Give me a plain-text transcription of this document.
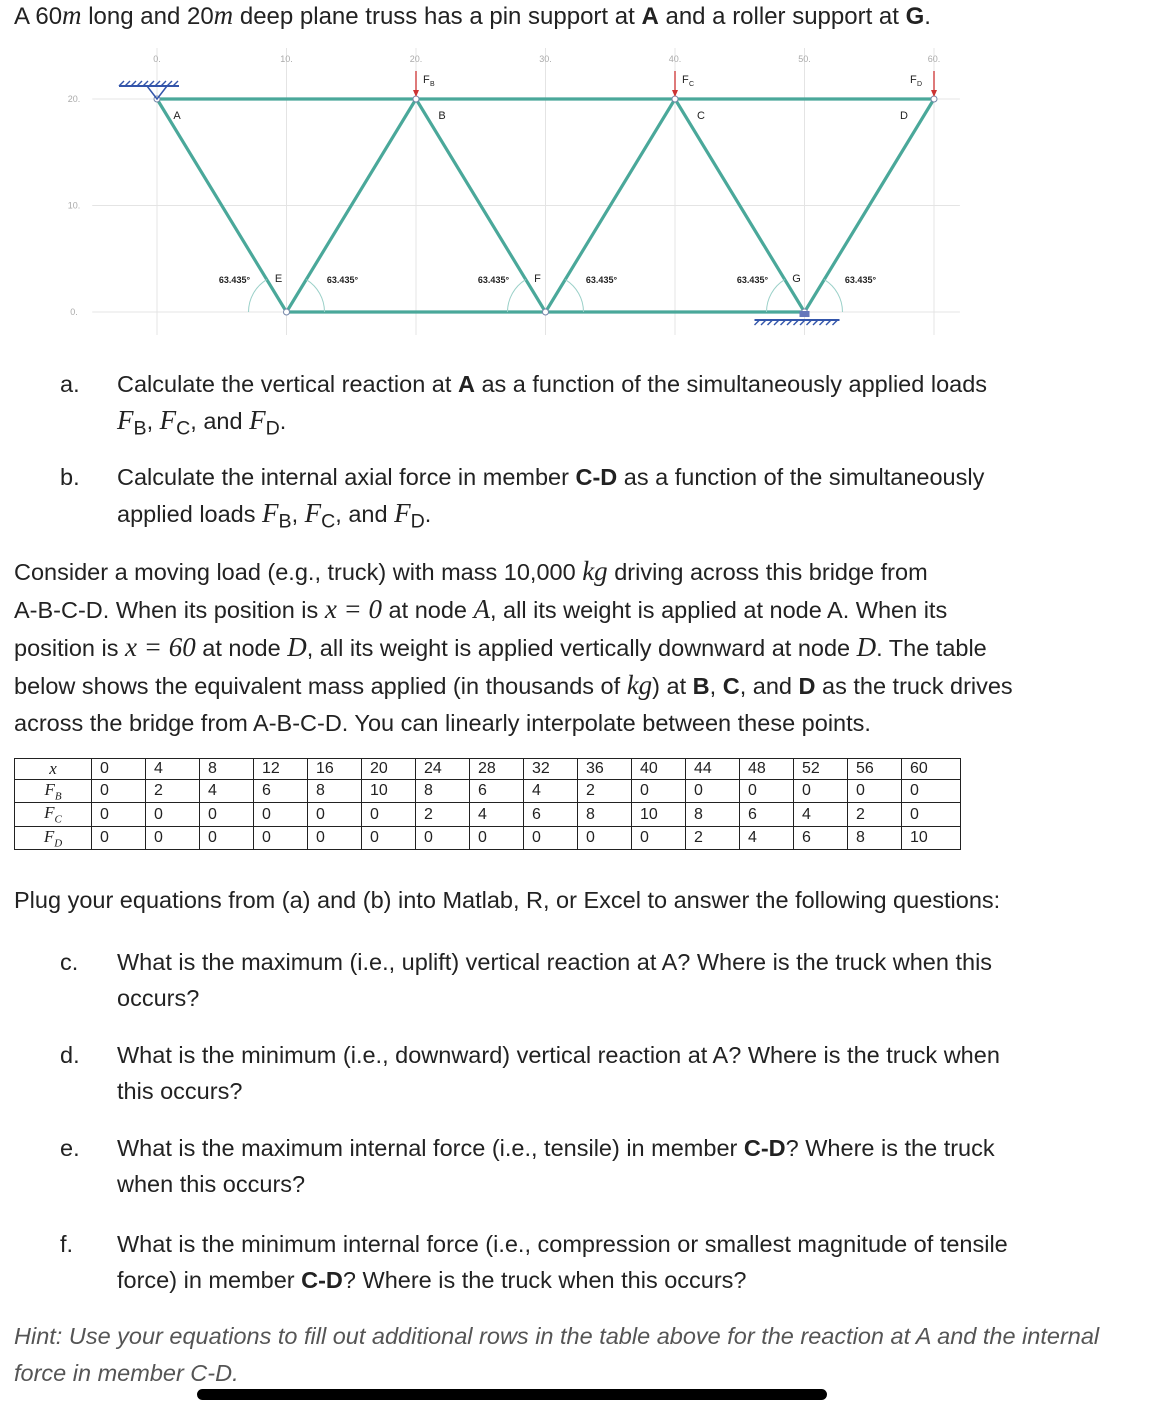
A 60m long and 20m deep plane truss has a pin support at A and a roller support at G.
0.	10.	20.	30.	40.	50.	60.
20.
10.
0.
63.435°	63.435°	63.435°	63.435°	63.435°	63.435°
F B	F C	F D
A	B	C	D
E	F	G
a. Calculate the vertical reaction at A as a function of the simultaneously applied loads
$F_B$, $F_C$, and $F_D$.
b. Calculate the internal axial force in member C-D as a function of the simultaneously
applied loads $F_B$, $F_C$, and $F_D$.
Consider a moving load (e.g., truck) with mass 10,000 kg driving across this bridge from
A-B-C-D. When its position is x = 0 at node A, all its weight is applied at node A. When its
position is x = 60 at node D, all its weight is applied vertically downward at node D. The table
below shows the equivalent mass applied (in thousands of kg) at B, C, and D as the truck drives
across the bridge from A-B-C-D. You can linearly interpolate between these points.
x	0	4	8	12	16	20	24	28	32	36	40	44	48	52	56	60
$F_B$	0	2	4	6	8	10	8	6	4	2	0	0	0	0	0	0
$F_C$	0	0	0	0	0	0	2	4	6	8	10	8	6	4	2	0
$F_D$	0	0	0	0	0	0	0	0	0	0	0	2	4	6	8	10
Plug your equations from (a) and (b) into Matlab, R, or Excel to answer the following questions:
c. What is the maximum (i.e., uplift) vertical reaction at A? Where is the truck when this
occurs?
d. What is the minimum (i.e., downward) vertical reaction at A? Where is the truck when
this occurs?
e. What is the maximum internal force (i.e., tensile) in member C-D? Where is the truck
when this occurs?
f. What is the minimum internal force (i.e., compression or smallest magnitude of tensile
force) in member C-D? Where is the truck when this occurs?
Hint: Use your equations to fill out additional rows in the table above for the reaction at A and the internal force in member C-D.
